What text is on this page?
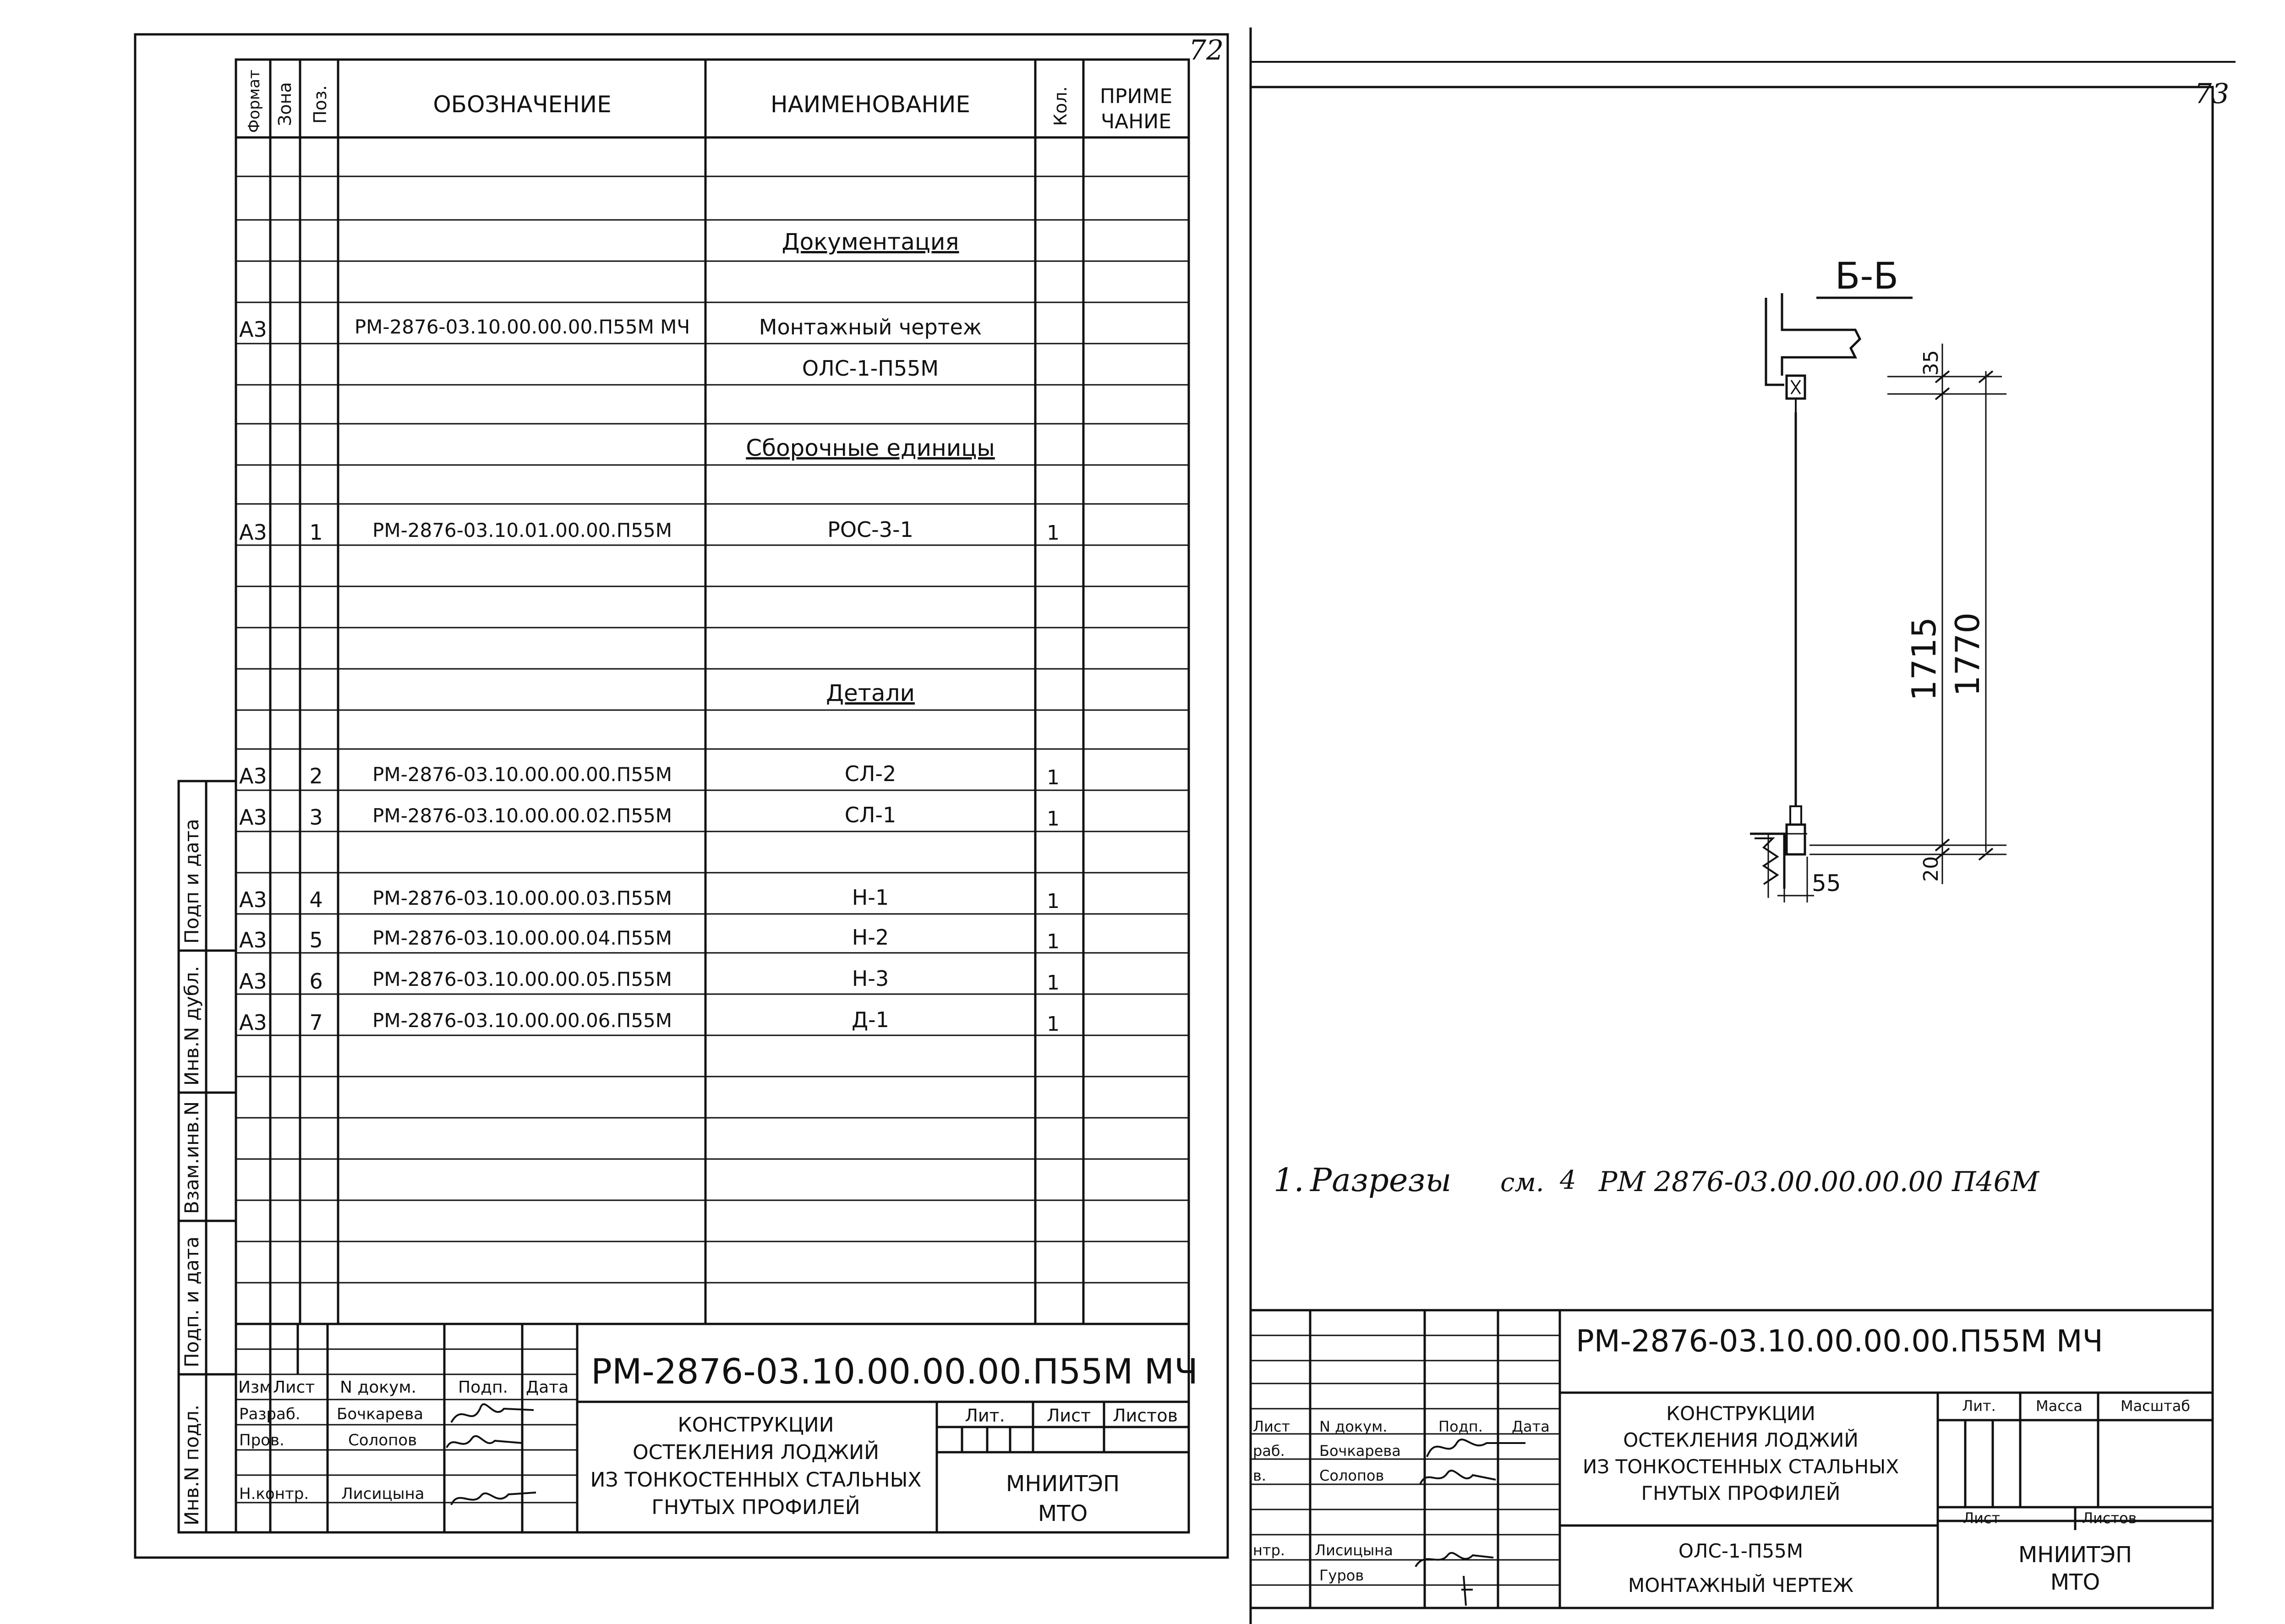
72
Формат Зона Поз.	ОБОЗНАЧЕНИЕ	НАИМЕНОВАНИЕ	Кол. ПРИМЕ
ЧАНИЕ
Документация
А3	РМ-2876-03.10.00.00.00.П55М МЧ	Монтажный чертеж
ОЛС-1-П55М
Сборочные единицы
А3 1	РМ-2876-03.10.01.00.00.П55М	РОС-3-1	1
Детали
А3 2	РМ-2876-03.10.00.00.00.П55М	СЛ-2	1
А3 3	РМ-2876-03.10.00.00.02.П55М	СЛ-1	1
А3 4	РМ-2876-03.10.00.00.03.П55М	Н-1	1
А3 5	РМ-2876-03.10.00.00.04.П55М	Н-2	1
А3 6	РМ-2876-03.10.00.00.05.П55М	Н-3	1
А3 7	РМ-2876-03.10.00.00.06.П55М	Д-1	1
Инв.N подл.
Подп. и дата
Взам.инв.N
Инв.N дубл.
Подп и дата
РМ-2876-03.10.00.00.00.П55М МЧ
Изм Лист N докум.	Подп. Дата
Разраб. Бочкарева
Пров.	Солопов
Н.контр. Лисицына
КОНСТРУКЦИИ
ОСТЕКЛЕНИЯ ЛОДЖИЙ
ИЗ ТОНКОСТЕННЫХ СТАЛЬНЫХ
ГНУТЫХ ПРОФИЛЕЙ
Лит. Лист Листов
МНИИТЭП
МТО
73
Б-Б
35
1715 1770
20
55
1. Разрезы см. 4 РМ 2876-03.00.00.00.00 П46М
РМ-2876-03.10.00.00.00.П55М МЧ
Лист N докум.	Подп. Дата
раб. Бочкарева
в.	Солопов
нтр. Лисицына
Гуров
КОНСТРУКЦИИ
ОСТЕКЛЕНИЯ ЛОДЖИЙ
ИЗ ТОНКОСТЕННЫХ СТАЛЬНЫХ
ГНУТЫХ ПРОФИЛЕЙ
Лит.	Масса	Масштаб
Лист	Листов
ОЛС-1-П55М
МОНТАЖНЫЙ ЧЕРТЕЖ
МНИИТЭП
МТО
